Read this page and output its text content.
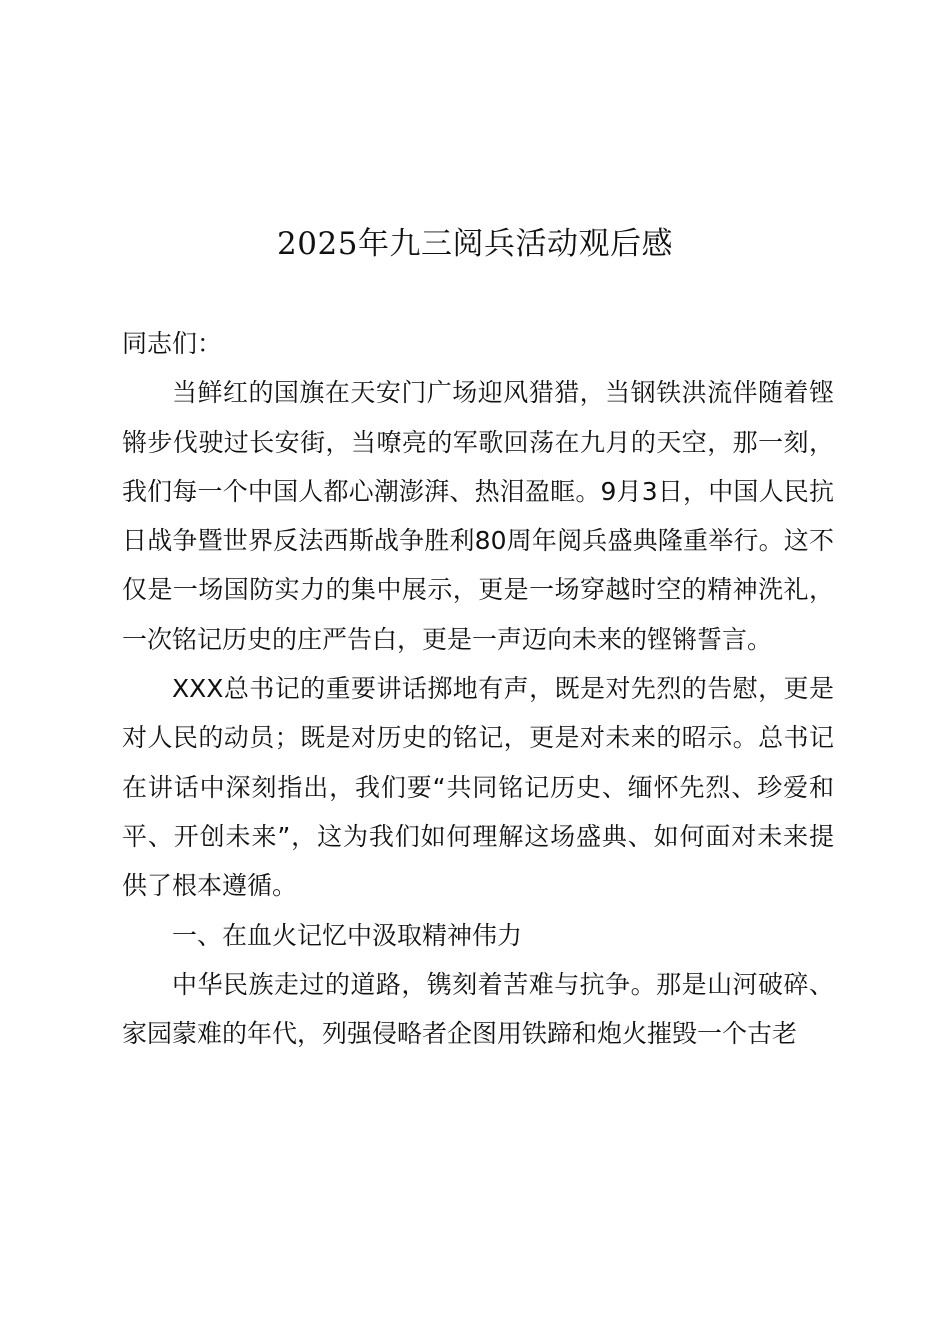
2025年九三阅兵活动观后感

同志们：

当鲜红的国旗在天安门广场迎风猎猎，当钢铁洪流伴随着铿锵步伐驶过长安街，当嘹亮的军歌回荡在九月的天空，那一刻，我们每一个中国人都心潮澎湃、热泪盈眶。9月3日，中国人民抗日战争暨世界反法西斯战争胜利80周年阅兵盛典隆重举行。这不仅是一场国防实力的集中展示，更是一场穿越时空的精神洗礼，一次铭记历史的庄严告白，更是一声迈向未来的铿锵誓言。

XXX总书记的重要讲话掷地有声，既是对先烈的告慰，更是对人民的动员；既是对历史的铭记，更是对未来的昭示。总书记在讲话中深刻指出，我们要“共同铭记历史、缅怀先烈、珍爱和平、开创未来”，这为我们如何理解这场盛典、如何面对未来提供了根本遵循。

一、在血火记忆中汲取精神伟力

中华民族走过的道路，镌刻着苦难与抗争。那是山河破碎、家园蒙难的年代，列强侵略者企图用铁蹄和炮火摧毁一个古老
